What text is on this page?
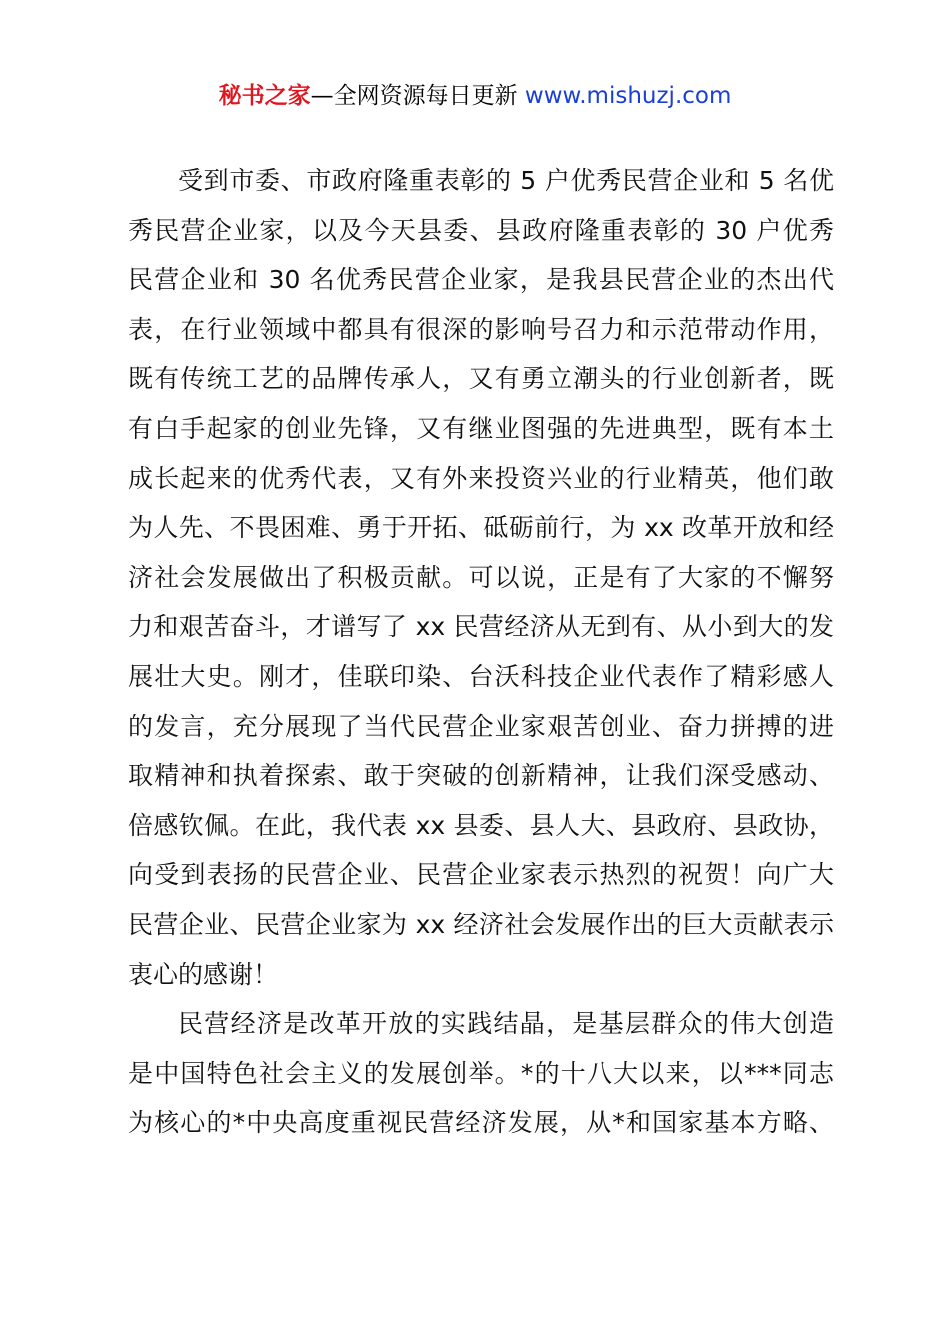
秘书之家—全网资源每日更新 www.mishuzj.com
受到市委、市政府隆重表彰的 5 户优秀民营企业和 5 名优
秀民营企业家，以及今天县委、县政府隆重表彰的 30 户优秀
民营企业和 30 名优秀民营企业家，是我县民营企业的杰出代
表，在行业领域中都具有很深的影响号召力和示范带动作用，
既有传统工艺的品牌传承人，又有勇立潮头的行业创新者，既
有白手起家的创业先锋，又有继业图强的先进典型，既有本土
成长起来的优秀代表，又有外来投资兴业的行业精英，他们敢
为人先、不畏困难、勇于开拓、砥砺前行，为 xx 改革开放和经
济社会发展做出了积极贡献。可以说，正是有了大家的不懈努
力和艰苦奋斗，才谱写了 xx 民营经济从无到有、从小到大的发
展壮大史。刚才，佳联印染、台沃科技企业代表作了精彩感人
的发言，充分展现了当代民营企业家艰苦创业、奋力拼搏的进
取精神和执着探索、敢于突破的创新精神，让我们深受感动、
倍感钦佩。在此，我代表 xx 县委、县人大、县政府、县政协，
向受到表扬的民营企业、民营企业家表示热烈的祝贺！向广大
民营企业、民营企业家为 xx 经济社会发展作出的巨大贡献表示
衷心的感谢！
民营经济是改革开放的实践结晶，是基层群众的伟大创造
是中国特色社会主义的发展创举。*的十八大以来，以***同志
为核心的*中央高度重视民营经济发展，从*和国家基本方略、
